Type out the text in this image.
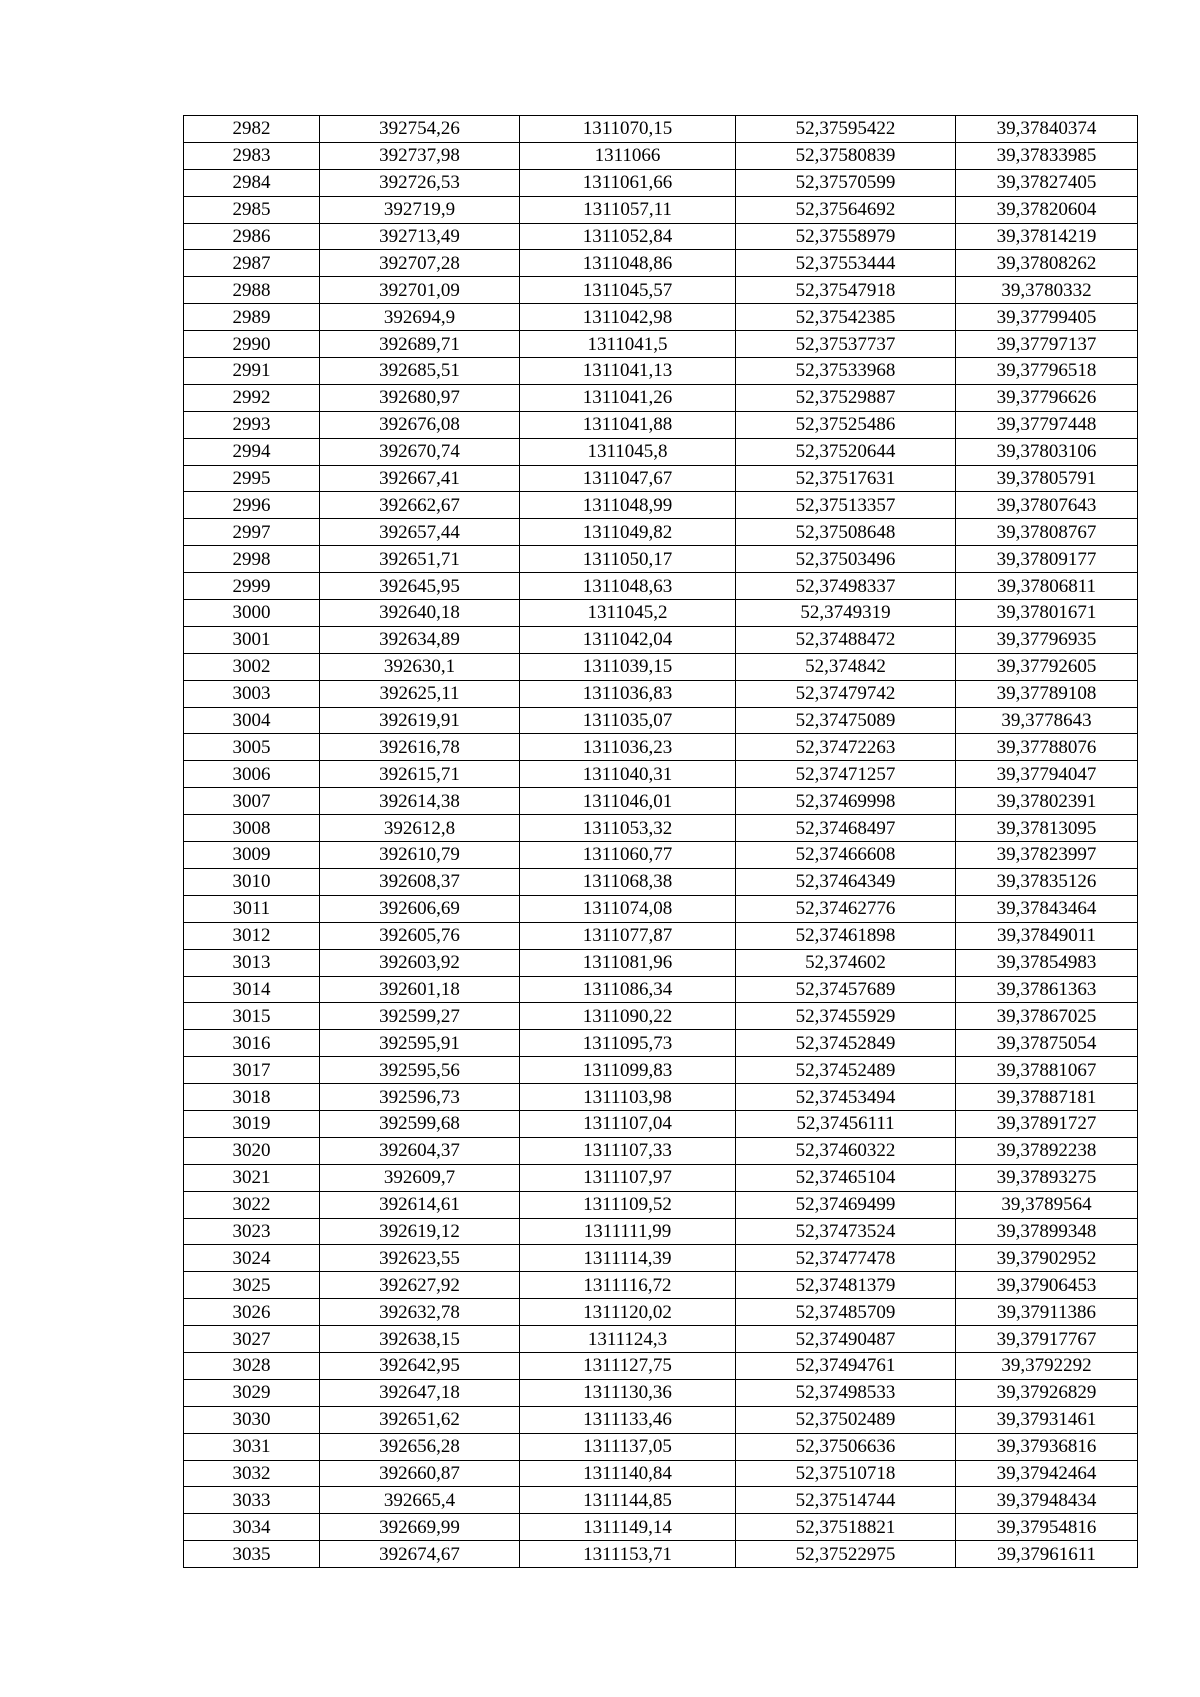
2982	392754,26	1311070,15	52,37595422	39,37840374
2983	392737,98	1311066	52,37580839	39,37833985
2984	392726,53	1311061,66	52,37570599	39,37827405
2985	392719,9	1311057,11	52,37564692	39,37820604
2986	392713,49	1311052,84	52,37558979	39,37814219
2987	392707,28	1311048,86	52,37553444	39,37808262
2988	392701,09	1311045,57	52,37547918	39,3780332
2989	392694,9	1311042,98	52,37542385	39,37799405
2990	392689,71	1311041,5	52,37537737	39,37797137
2991	392685,51	1311041,13	52,37533968	39,37796518
2992	392680,97	1311041,26	52,37529887	39,37796626
2993	392676,08	1311041,88	52,37525486	39,37797448
2994	392670,74	1311045,8	52,37520644	39,37803106
2995	392667,41	1311047,67	52,37517631	39,37805791
2996	392662,67	1311048,99	52,37513357	39,37807643
2997	392657,44	1311049,82	52,37508648	39,37808767
2998	392651,71	1311050,17	52,37503496	39,37809177
2999	392645,95	1311048,63	52,37498337	39,37806811
3000	392640,18	1311045,2	52,3749319	39,37801671
3001	392634,89	1311042,04	52,37488472	39,37796935
3002	392630,1	1311039,15	52,374842	39,37792605
3003	392625,11	1311036,83	52,37479742	39,37789108
3004	392619,91	1311035,07	52,37475089	39,3778643
3005	392616,78	1311036,23	52,37472263	39,37788076
3006	392615,71	1311040,31	52,37471257	39,37794047
3007	392614,38	1311046,01	52,37469998	39,37802391
3008	392612,8	1311053,32	52,37468497	39,37813095
3009	392610,79	1311060,77	52,37466608	39,37823997
3010	392608,37	1311068,38	52,37464349	39,37835126
3011	392606,69	1311074,08	52,37462776	39,37843464
3012	392605,76	1311077,87	52,37461898	39,37849011
3013	392603,92	1311081,96	52,374602	39,37854983
3014	392601,18	1311086,34	52,37457689	39,37861363
3015	392599,27	1311090,22	52,37455929	39,37867025
3016	392595,91	1311095,73	52,37452849	39,37875054
3017	392595,56	1311099,83	52,37452489	39,37881067
3018	392596,73	1311103,98	52,37453494	39,37887181
3019	392599,68	1311107,04	52,37456111	39,37891727
3020	392604,37	1311107,33	52,37460322	39,37892238
3021	392609,7	1311107,97	52,37465104	39,37893275
3022	392614,61	1311109,52	52,37469499	39,3789564
3023	392619,12	1311111,99	52,37473524	39,37899348
3024	392623,55	1311114,39	52,37477478	39,37902952
3025	392627,92	1311116,72	52,37481379	39,37906453
3026	392632,78	1311120,02	52,37485709	39,37911386
3027	392638,15	1311124,3	52,37490487	39,37917767
3028	392642,95	1311127,75	52,37494761	39,3792292
3029	392647,18	1311130,36	52,37498533	39,37926829
3030	392651,62	1311133,46	52,37502489	39,37931461
3031	392656,28	1311137,05	52,37506636	39,37936816
3032	392660,87	1311140,84	52,37510718	39,37942464
3033	392665,4	1311144,85	52,37514744	39,37948434
3034	392669,99	1311149,14	52,37518821	39,37954816
3035	392674,67	1311153,71	52,37522975	39,37961611
